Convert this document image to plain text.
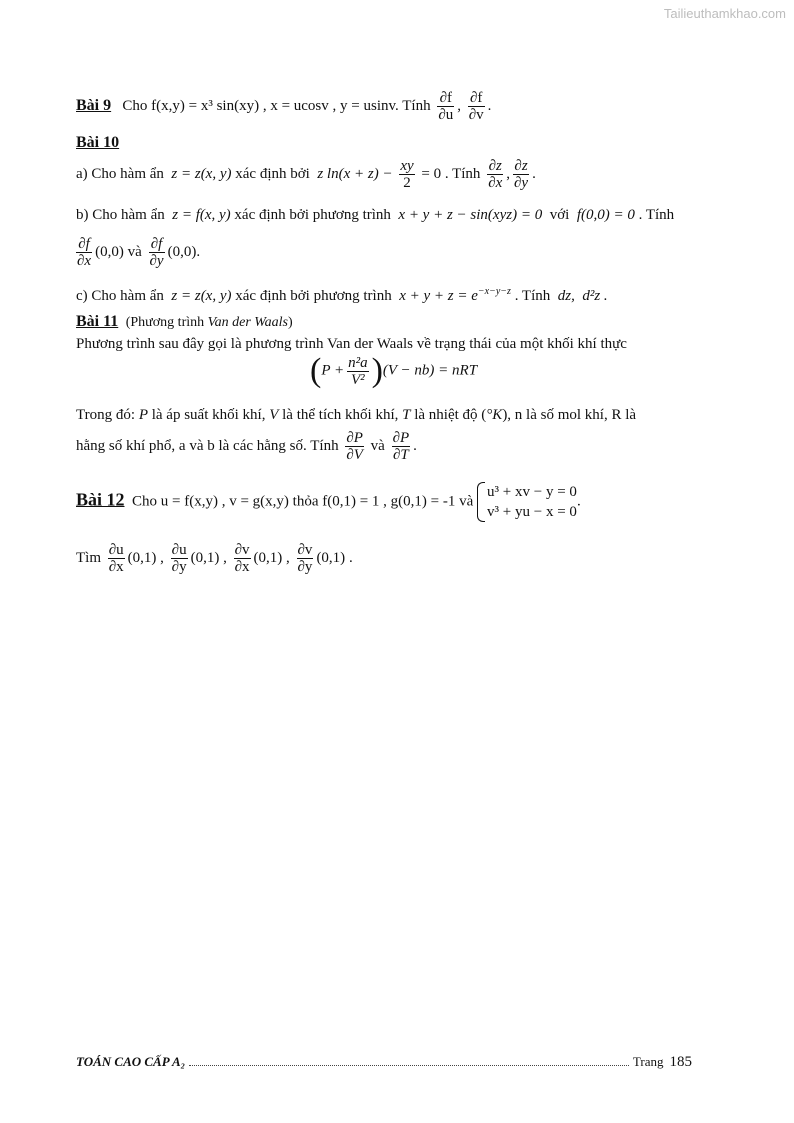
Tailieuthamkhao.com
Bài 9 Cho f(x,y) = x³ sin(xy) , x = ucosv , y = usinv. Tính $\frac{\partial f}{\partial u}$ , $\frac{\partial f}{\partial v}$ .
Bài 10
a) Cho hàm ẩn z = z(x, y) xác định bởi z $\ln(x + z) - \frac{xy}{2} = 0$ . Tính $\frac{\partial z}{\partial x}$ , $\frac{\partial z}{\partial y}$ .
b) Cho hàm ẩn z = f(x, y) xác định bởi phương trình x + y + z − sin(xyz) = 0 với f(0,0) = 0 . Tính
$\frac{\partial f}{\partial x} (0,0)$ và $\frac{\partial f}{\partial y} (0,0)$.
c) Cho hàm ẩn z = z(x, y) xác định bởi phương trình $x + y + z = e^{-x-y-z}$ . Tính dz, d²z .
Bài 11 (Phương trình Van der Waals)
Phương trình sau đây gọi là phương trình Van der Waals về trạng thái của một khối khí thực
$(P + \frac{\text{n²a}}{\text{V²}} )(V - nb)$ = nRT
Trong đó: P là áp suất khối khí, V là thể tích khối khí, T là nhiệt độ (°K), n là số mol khí, R là
hằng số khí phổ, a và b là các hằng số. Tính $\frac{\partial P}{\partial V}$ và $\frac{\partial P}{\partial T}$ .
Bài 12 Cho u = f(x,y) , v = g(x,y) thỏa f(0,1) = 1 , g(0,1) = -1 và
u³ + xv − y = 0
v³ + yu − x = 0
.
Tìm $\frac{\partial u}{\partial x} (0,1)$ , $\frac{\partial u}{\partial y} (0,1)$ , $\frac{\partial v}{\partial x} (0,1)$ , $\frac{\partial v}{\partial y} (0,1)$ .
TOÁN CAO CẤP A₂	Trang 185
